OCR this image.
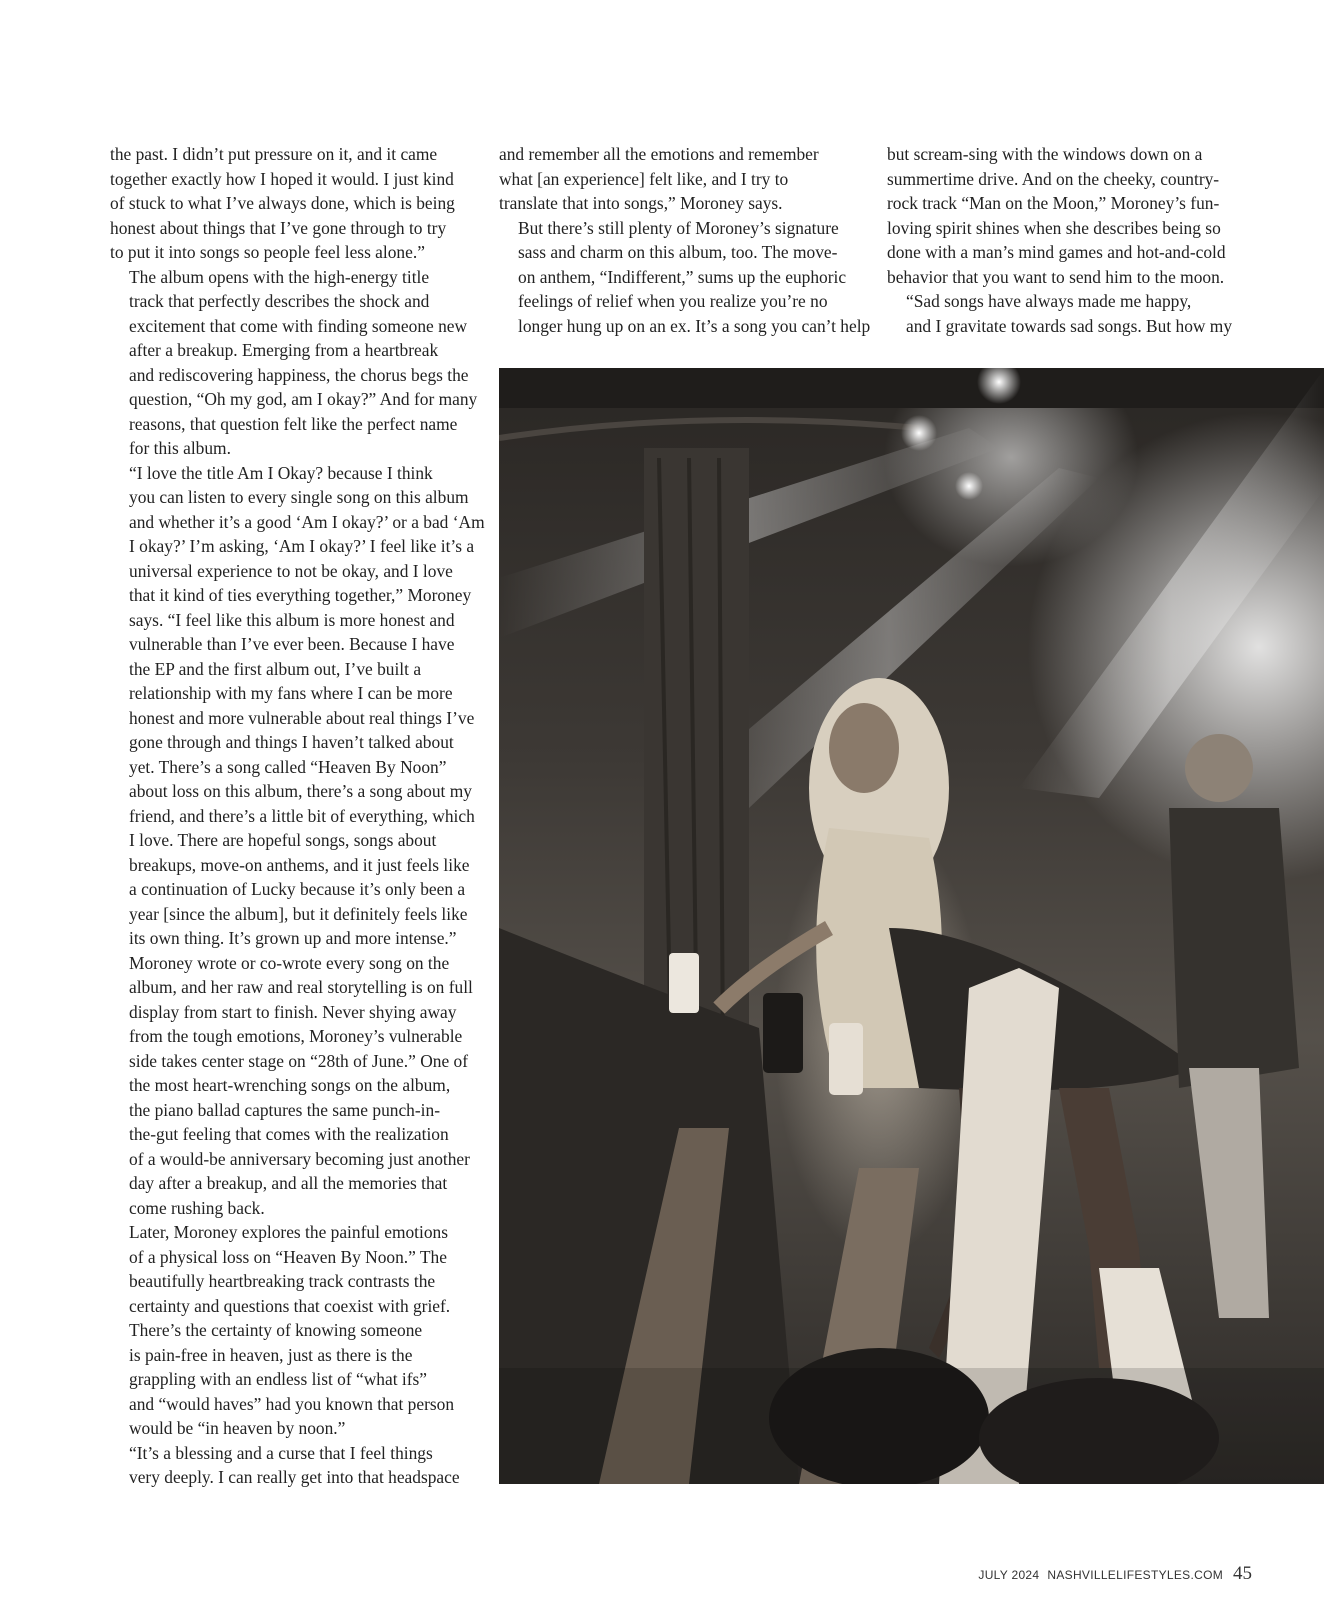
the past. I didn’t put pressure on it, and it came
together exactly how I hoped it would. I just kind
of stuck to what I’ve always done, which is being
honest about things that I’ve gone through to try
to put it into songs so people feel less alone.”

The album opens with the high-energy title
track that perfectly describes the shock and
excitement that come with finding someone new
after a breakup. Emerging from a heartbreak
and rediscovering happiness, the chorus begs the
question, “Oh my god, am I okay?” And for many
reasons, that question felt like the perfect name
for this album.

“I love the title Am I Okay? because I think
you can listen to every single song on this album
and whether it’s a good ‘Am I okay?’ or a bad ‘Am
I okay?’ I’m asking, ‘Am I okay?’ I feel like it’s a
universal experience to not be okay, and I love
that it kind of ties everything together,” Moroney
says. “I feel like this album is more honest and
vulnerable than I’ve ever been. Because I have
the EP and the first album out, I’ve built a
relationship with my fans where I can be more
honest and more vulnerable about real things I’ve
gone through and things I haven’t talked about
yet. There’s a song called “Heaven By Noon”
about loss on this album, there’s a song about my
friend, and there’s a little bit of everything, which
I love. There are hopeful songs, songs about
breakups, move-on anthems, and it just feels like
a continuation of Lucky because it’s only been a
year [since the album], but it definitely feels like
its own thing. It’s grown up and more intense.”

Moroney wrote or co-wrote every song on the
album, and her raw and real storytelling is on full
display from start to finish. Never shying away
from the tough emotions, Moroney’s vulnerable
side takes center stage on “28th of June.” One of
the most heart-wrenching songs on the album,
the piano ballad captures the same punch-in-
the-gut feeling that comes with the realization
of a would-be anniversary becoming just another
day after a breakup, and all the memories that
come rushing back.

Later, Moroney explores the painful emotions
of a physical loss on “Heaven By Noon.” The
beautifully heartbreaking track contrasts the
certainty and questions that coexist with grief.
There’s the certainty of knowing someone
is pain-free in heaven, just as there is the
grappling with an endless list of “what ifs”
and “would haves” had you known that person
would be “in heaven by noon.”

“It’s a blessing and a curse that I feel things
very deeply. I can really get into that headspace

and remember all the emotions and remember
what [an experience] felt like, and I try to
translate that into songs,” Moroney says.

But there’s still plenty of Moroney’s signature
sass and charm on this album, too. The move-
on anthem, “Indifferent,” sums up the euphoric
feelings of relief when you realize you’re no
longer hung up on an ex. It’s a song you can’t help

but scream-sing with the windows down on a
summertime drive. And on the cheeky, country-
rock track “Man on the Moon,” Moroney’s fun-
loving spirit shines when she describes being so
done with a man’s mind games and hot-and-cold
behavior that you want to send him to the moon.

“Sad songs have always made me happy,
and I gravitate towards sad songs. But how my

JULY 2024 NASHVILLELIFESTYLES.COM 45
